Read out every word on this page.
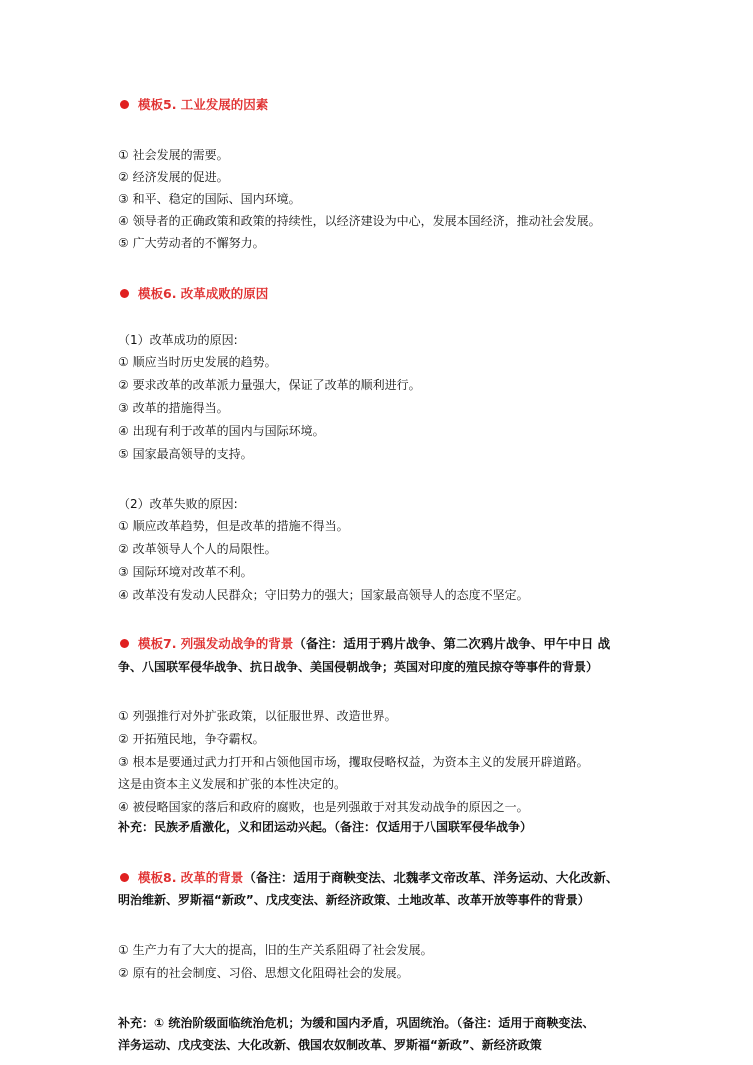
模板5. 工业发展的因素
① 社会发展的需要。
② 经济发展的促进。
③ 和平、稳定的国际、国内环境。
④ 领导者的正确政策和政策的持续性，以经济建设为中心，发展本国经济，推动社会发展。
⑤ 广大劳动者的不懈努力。
模板6. 改革成败的原因
（1）改革成功的原因:
① 顺应当时历史发展的趋势。
② 要求改革的改革派力量强大，保证了改革的顺利进行。
③ 改革的措施得当。
④ 出现有利于改革的国内与国际环境。
⑤ 国家最高领导的支持。
（2）改革失败的原因:
① 顺应改革趋势，但是改革的措施不得当。
② 改革领导人个人的局限性。
③ 国际环境对改革不利。
④ 改革没有发动人民群众；守旧势力的强大；国家最高领导人的态度不坚定。
模板7. 列强发动战争的背景（备注：适用于鸦片战争、第二次鸦片战争、甲午中日 战
争、八国联军侵华战争、抗日战争、美国侵朝战争；英国对印度的殖民掠夺等事件的背景）
① 列强推行对外扩张政策，以征服世界、改造世界。
② 开拓殖民地，争夺霸权。
③ 根本是要通过武力打开和占领他国市场，攫取侵略权益，为资本主义的发展开辟道路。
这是由资本主义发展和扩张的本性决定的。
④ 被侵略国家的落后和政府的腐败，也是列强敢于对其发动战争的原因之一。
补充：民族矛盾激化，义和团运动兴起。（备注：仅适用于八国联军侵华战争）
模板8. 改革的背景（备注：适用于商鞅变法、北魏孝文帝改革、洋务运动、大化改新、
明治维新、罗斯福“新政”、戊戌变法、新经济政策、土地改革、改革开放等事件的背景）
① 生产力有了大大的提高，旧的生产关系阻碍了社会发展。
② 原有的社会制度、习俗、思想文化阻碍社会的发展。
补充：① 统治阶级面临统治危机；为缓和国内矛盾，巩固统治。（备注：适用于商鞅变法、
洋务运动、戊戌变法、大化改新、俄国农奴制改革、罗斯福“新政”、新经济政策
